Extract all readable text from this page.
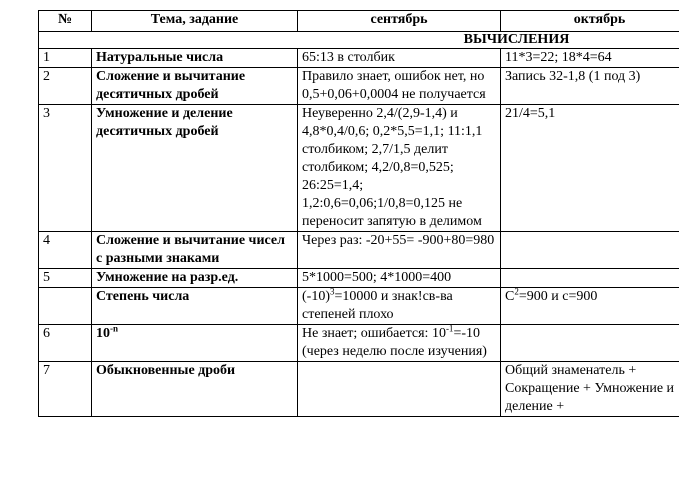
№	Тема, задание	сентябрь	октябрь
ВЫЧИСЛЕНИЯ			
1	Натуральные числа	65:13 в столбик	11*3=22; 18*4=64
2	Сложение и вычитание десятичных дробей	Правило знает, ошибок нет, но 0,5+0,06+0,0004 не получается	Запись 32-1,8 (1 под 3)
3	Умножение и деление десятичных дробей	Неуверенно 2,4/(2,9-1,4) и 4,8*0,4/0,6; 0,2*5,5=1,1; 11:1,1 столбиком; 2,7/1,5 делит столбиком; 4,2/0,8=0,525; 26:25=1,4; 1,2:0,6=0,06;1/0,8=0,125 не переносит запятую в делимом	21/4=5,1
4	Сложение и вычитание чисел с разными знаками	Через раз: -20+55= -900+80=980	
5	Умножение на разр.ед.	5*1000=500; 4*1000=400	
	Степень числа	$(-10)^3=10000$ и знак!св-ва степеней плохо	$С^2=900$ и с=900
6	$10^{-n}$	Не знает; ошибается: $10^{-1}=-10$ (через неделю после изучения)	
7	Обыкновенные дроби		Общий знаменатель + Сокращение + Умножение и деление +
